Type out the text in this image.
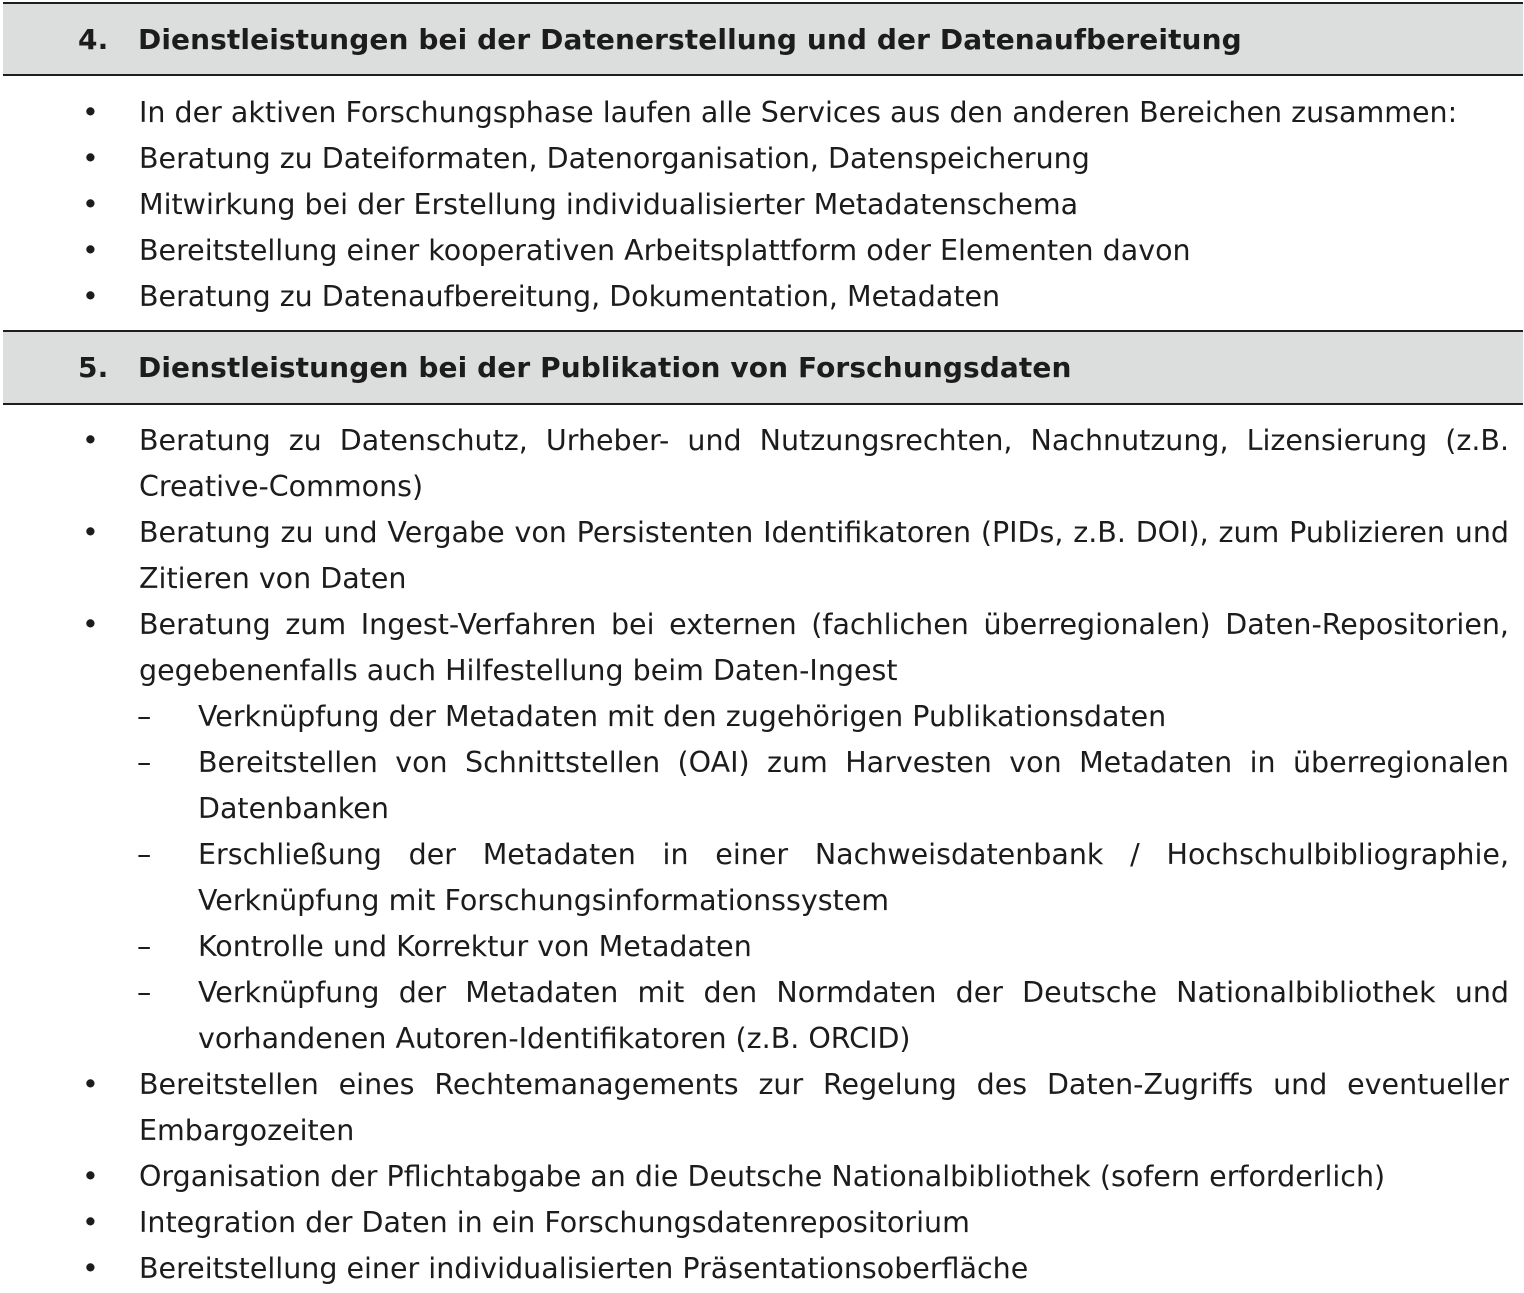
4. Dienstleistungen bei der Datenerstellung und der Datenaufbereitung
• In der aktiven Forschungsphase laufen alle Services aus den anderen Bereichen zusammen:
• Beratung zu Dateiformaten, Datenorganisation, Datenspeicherung
• Mitwirkung bei der Erstellung individualisierter Metadatenschema
• Bereitstellung einer kooperativen Arbeitsplattform oder Elementen davon
• Beratung zu Datenaufbereitung, Dokumentation, Metadaten
5. Dienstleistungen bei der Publikation von Forschungsdaten
• Beratung zu Datenschutz, Urheber- und Nutzungsrechten, Nachnutzung, Lizensierung (z.B. Creative-Commons)
• Beratung zu und Vergabe von Persistenten Identifikatoren (PIDs, z.B. DOI), zum Publizieren und Zitieren von Daten
• Beratung zum Ingest-Verfahren bei externen (fachlichen überregionalen) Daten-Repositorien, gegebenenfalls auch Hilfestellung beim Daten-Ingest
– Verknüpfung der Metadaten mit den zugehörigen Publikationsdaten
– Bereitstellen von Schnittstellen (OAI) zum Harvesten von Metadaten in überregionalen Datenbanken
– Erschließung der Metadaten in einer Nachweisdatenbank / Hochschulbibliographie, Verknüpfung mit Forschungsinformationssystem
– Kontrolle und Korrektur von Metadaten
– Verknüpfung der Metadaten mit den Normdaten der Deutsche Nationalbibliothek und vorhandenen Autoren-Identifikatoren (z.B. ORCID)
• Bereitstellen eines Rechtemanagements zur Regelung des Daten-Zugriffs und eventueller Embargozeiten
• Organisation der Pflichtabgabe an die Deutsche Nationalbibliothek (sofern erforderlich)
• Integration der Daten in ein Forschungsdatenrepositorium
• Bereitstellung einer individualisierten Präsentationsoberfläche
